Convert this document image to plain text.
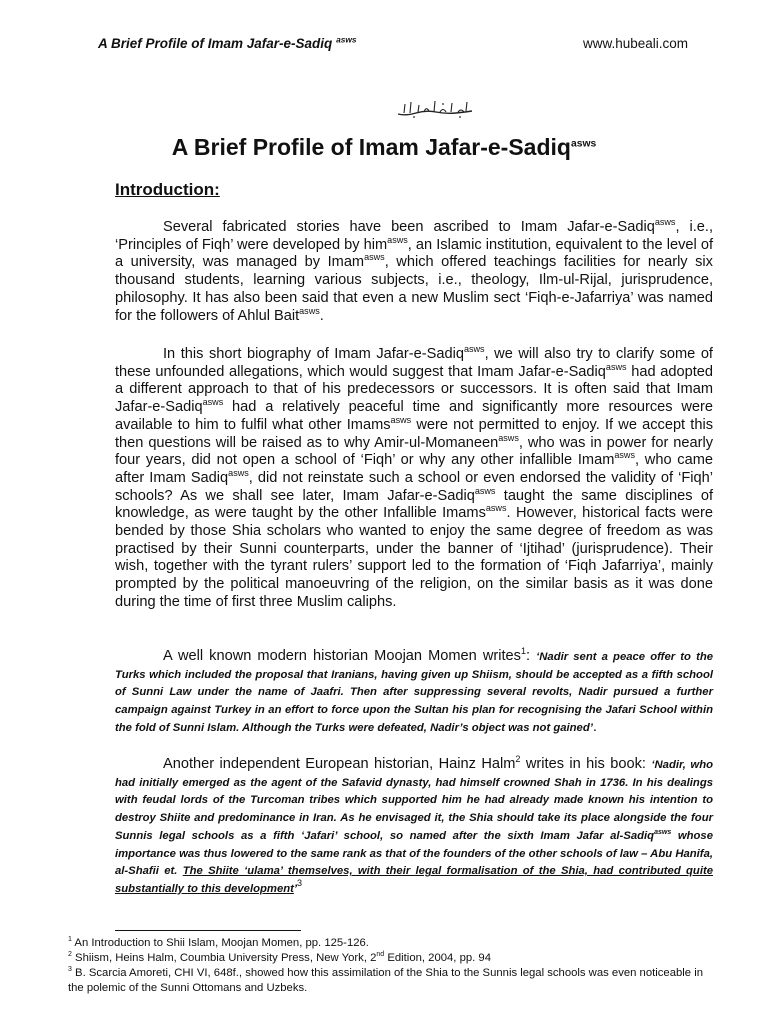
A Brief Profile of Imam Jafar-e-Sadiq $^{asws}$	www.hubeali.com
A Brief Profile of Imam Jafar-e-Sadiq$^{asws}$
Introduction:

Several fabricated stories have been ascribed to Imam Jafar-e-Sadiq$^{asws}$, i.e., ‘Principles of Fiqh’ were developed by him$^{asws}$, an Islamic institution, equivalent to the level of a university, was managed by Imam$^{asws}$, which offered teachings facilities for nearly six thousand students, learning various subjects, i.e., theology, Ilm-ul-Rijal, jurisprudence, philosophy. It has also been said that even a new Muslim sect ‘Fiqh-e-Jafarriya’ was named for the followers of Ahlul Bait$^{asws}$.

In this short biography of Imam Jafar-e-Sadiq$^{asws}$, we will also try to clarify some of these unfounded allegations, which would suggest that Imam Jafar-e-Sadiq$^{asws}$ had adopted a different approach to that of his predecessors or successors. It is often said that Imam Jafar-e-Sadiq$^{asws}$ had a relatively peaceful time and significantly more resources were available to him to fulfil what other Imams$^{asws}$ were not permitted to enjoy. If we accept this then questions will be raised as to why Amir-ul-Momaneen$^{asws}$, who was in power for nearly four years, did not open a school of ‘Fiqh’ or why any other infallible Imam$^{asws}$, who came after Imam Sadiq$^{asws}$, did not reinstate such a school or even endorsed the validity of ‘Fiqh’ schools? As we shall see later, Imam Jafar-e-Sadiq$^{asws}$ taught the same disciplines of knowledge, as were taught by the other Infallible Imams$^{asws}$. However, historical facts were bended by those Shia scholars who wanted to enjoy the same degree of freedom as was practised by their Sunni counterparts, under the banner of ‘Ijtihad’ (jurisprudence). Their wish, together with the tyrant rulers’ support led to the formation of ‘Fiqh Jafarriya’, mainly prompted by the political manoeuvring of the religion, on the similar basis as it was done during the time of first three Muslim caliphs.

A well known modern historian Moojan Momen writes$^1$: ‘Nadir sent a peace offer to the Turks which included the proposal that Iranians, having given up Shiism, should be accepted as a fifth school of Sunni Law under the name of Jaafri. Then after suppressing several revolts, Nadir pursued a further campaign against Turkey in an effort to force upon the Sultan his plan for recognising the Jafari School within the fold of Sunni Islam. Although the Turks were defeated, Nadir’s object was not gained’.

Another independent European historian, Hainz Halm$^2$ writes in his book: ‘Nadir, who had initially emerged as the agent of the Safavid dynasty, had himself crowned Shah in 1736. In his dealings with feudal lords of the Turcoman tribes which supported him he had already made known his intention to destroy Shiite and predominance in Iran. As he envisaged it, the Shia should take its place alongside the four Sunnis legal schools as a fifth ‘Jafari’ school, so named after the sixth Imam Jafar al-Sadiq$^{asws}$ whose importance was thus lowered to the same rank as that of the founders of the other schools of law – Abu Hanifa, al-Shafii et. The Shiite ‘ulama’ themselves, with their legal formalisation of the Shia, had contributed quite substantially to this development’$^3$

$^1$ An Introduction to Shii Islam, Moojan Momen, pp. 125-126.
$^2$ Shiism, Heins Halm, Coumbia University Press, New York, 2nd Edition, 2004, pp. 94
$^3$ B. Scarcia Amoreti, CHI VI, 648f., showed how this assimilation of the Shia to the Sunnis legal schools was even noticeable in the polemic of the Sunni Ottomans and Uzbeks.
